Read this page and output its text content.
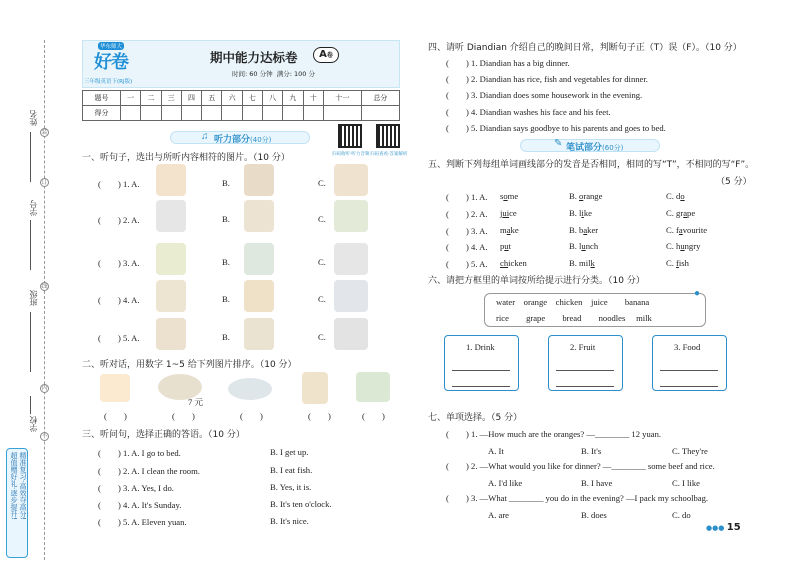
姓名
学号
班级
学校
装
订
线
内
不
超值赠好礼·逐步提升! 精准复习·高效夺高分!
华东师大
好卷
三年级英语下(RJ版)
期中能力达标卷	A卷
时间: 60 分钟 满分: 100 分
题号	一	二	三	四	五	六	七	八	九	十	十一	总分
得分												
♫ 听力部分(40分)
扫码收听·听力音频 扫码查看·答案解析
一、听句子，选出与所听内容相符的图片。（10 分）
(　　) 1. A.	B.	C.
(　　) 2. A.	B.	C.
(　　) 3. A.	B.	C.
(　　) 4. A.	B.	C.
(　　) 5. A.	B.	C.
二、听对话，用数字 1~5 给下列图片排序。（10 分）
7 元
(　　)	(　　)	(　　)	(　　)	(　　)
三、听问句，选择正确的答语。（10 分）
(　　) 1. A. I go to bed.	B. I get up.
(　　) 2. A. I clean the room.	B. I eat fish.
(　　) 3. A. Yes, I do.	B. Yes, it is.
(　　) 4. A. It's Sunday.	B. It's ten o'clock.
(　　) 5. A. Eleven yuan.	B. It's nice.
四、请听 Diandian 介绍自己的晚间日常，判断句子正（T）误（F）。（10 分）
(　　) 1. Diandian has a big dinner.
(　　) 2. Diandian has rice, fish and vegetables for dinner.
(　　) 3. Diandian does some housework in the evening.
(　　) 4. Diandian washes his face and his feet.
(　　) 5. Diandian says goodbye to his parents and goes to bed.
✎ 笔试部分(60分)
五、判断下列每组单词画线部分的发音是否相同，相同的写“T”，不相同的写“F”。
（5 分）
(　　) 1. A. some	B. orange	C. do
(　　) 2. A. juice	B. like	C. grape
(　　) 3. A. make	B. baker	C. favourite
(　　) 4. A. put	B. lunch	C. hungry
(　　) 5. A. chicken	B. milk	C. fish
六、请把方框里的单词按所给提示进行分类。（10 分）
water orange chicken juice  banana
rice  grape  bread  noodles  milk
●
1. Drink	2. Fruit	3. Food
七、单项选择。（5 分）
(　　) 1. —How much are the oranges? —________ 12 yuan.
A. It	B. It's	C. They're
(　　) 2. —What would you like for dinner? —________ some beef and rice.
A. I'd like	B. I have	C. I like
(　　) 3. —What ________ you do in the evening? —I pack my schoolbag.
A. are	B. does	C. do
●●● 15
